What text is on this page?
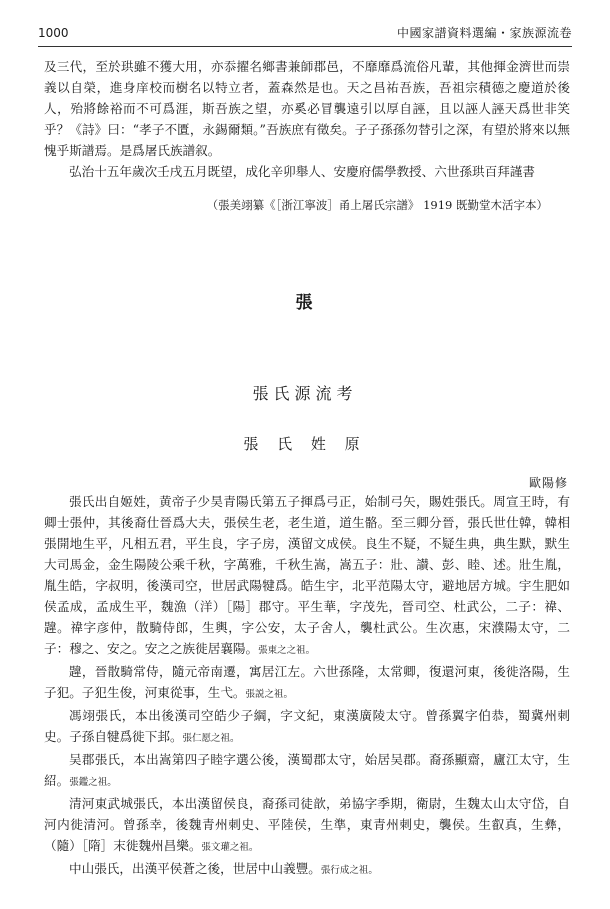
1000	中國家譜資料選編・家族源流卷

及三代，至於珙雖不獲大用，亦忝擢名鄉書兼師郡邑，不靡靡爲流俗凡輩，其他揮金濟世而崇義以自榮，進身庠校而樹名以特立者，蓋森然是也。天之昌祐吾族，吾祖宗積德之慶道於後人，殆將餘裕而不可爲涯，斯吾族之望，亦奚必冒襲遠引以厚自誣，且以誣人誣天爲世非笑乎？《詩》曰：“孝子不匱，永錫爾類。”吾族庶有徵矣。子子孫孫勿替引之深，有望於將來以無愧乎斯譜焉。是爲屠氏族譜叙。

弘治十五年歲次壬戌五月既望，成化辛卯舉人、安慶府儒學教授、六世孫珙百拜謹書

（張美翊纂《［浙江寧波］甬上屠氏宗譜》 1919 既勤堂木活字本）
張
張氏源流考
張 氏 姓 原
歐陽修

張氏出自姬姓，黄帝子少昊青陽氏第五子揮爲弓正，始制弓矢，賜姓張氏。周宣王時，有卿士張仲，其後裔仕晉爲大夫，張侯生老，老生道，道生骼。至三卿分晉，張氏世仕韓，韓相張開地生平，凡相五君，平生良，字子房，漢留文成侯。良生不疑，不疑生典，典生默，默生大司馬金，金生陽陵公乘千秋，字萬雅，千秋生嵩，嵩五子：壯、讃、彭、睦、述。壯生胤，胤生皓，字叔明，後漢司空，世居武陽犍爲。皓生宇，北平范陽太守，避地居方城。宇生肥如侯孟成，孟成生平，魏漁（洋）［陽］郡守。平生華，字茂先，晉司空、杜武公，二子：禕、韙。禕字彦仲，散騎侍郎，生輿，字公安，太子舍人，襲杜武公。生次惠，宋濮陽太守，二子：穆之、安之。安之之族徙居襄陽。張東之之祖。

韙，晉散騎常侍，隨元帝南遷，寓居江左。六世孫隆，太常卿，復還河東，後徙洛陽，生子犯。子犯生俊，河東從事，生弋。張説之祖。

馮翊張氏，本出後漢司空皓少子綱，字文紀，東漢廣陵太守。曾孫翼字伯恭，蜀冀州刺史。子孫自犍爲徙下邽。張仁愿之祖。

吴郡張氏，本出嵩第四子睦字選公後，漢蜀郡太守，始居吴郡。裔孫顯齋，廬江太守，生紹。張鑑之祖。

清河東武城張氏，本出漢留侯良，裔孫司徒歆，弟協字季期，衛尉，生魏太山太守岱，自河内徙清河。曾孫幸，後魏青州刺史、平陸侯，生準，東青州刺史，襲侯。生叡真，生彝，（隨）［隋］末徙魏州昌樂。張文瓘之祖。

中山張氏，出漢平侯蒼之後，世居中山義豐。張行成之祖。
